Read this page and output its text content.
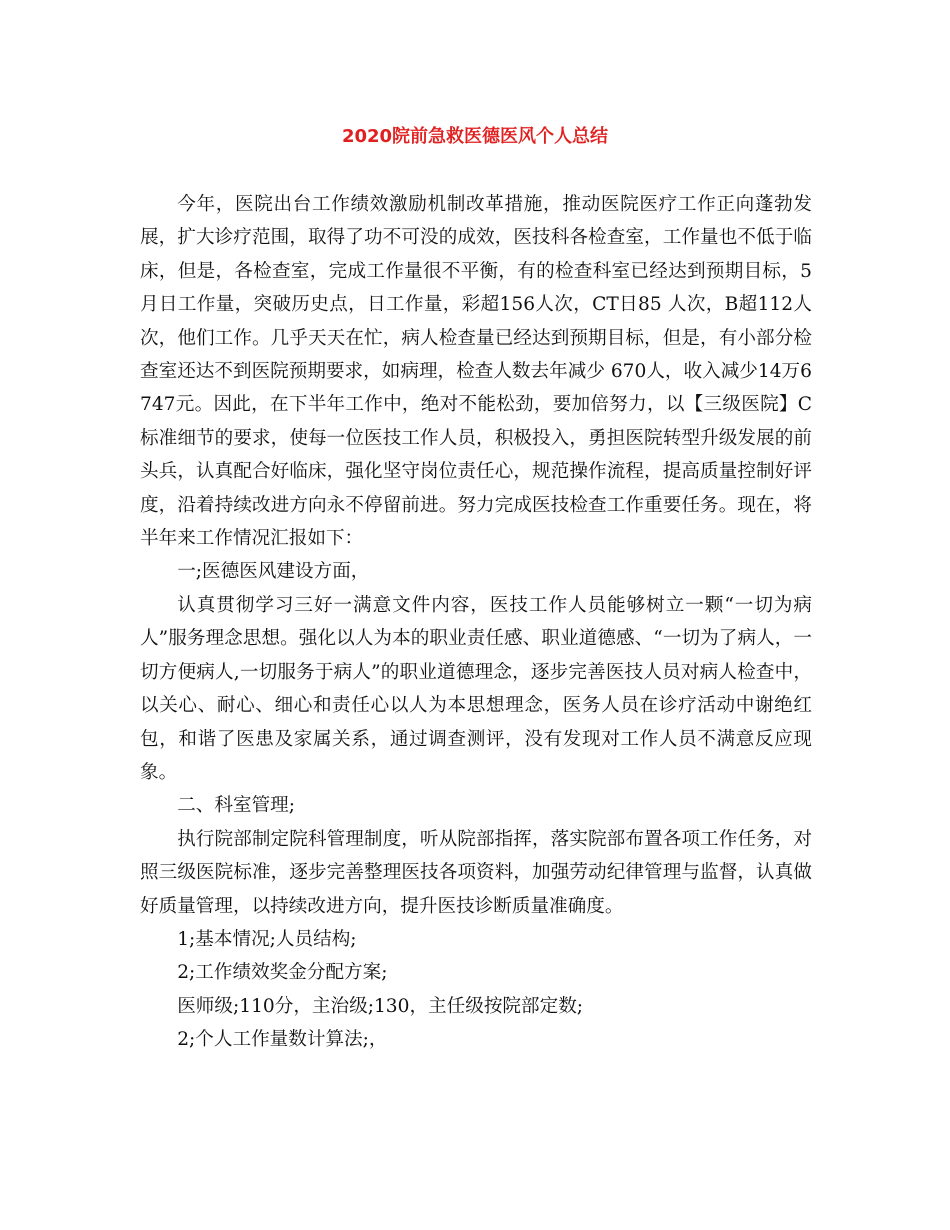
2020院前急救医德医风个人总结

今年，医院出台工作绩效激励机制改革措施，推动医院医疗工作正向蓬勃发展，扩大诊疗范围，取得了功不可没的成效，医技科各检查室，工作量也不低于临床，但是，各检查室，完成工作量很不平衡，有的检查科室已经达到预期目标，5月日工作量，突破历史点，日工作量，彩超156人次，CT日85 人次，B超112人次，他们工作。几乎天天在忙，病人检查量已经达到预期目标，但是，有小部分检查室还达不到医院预期要求，如病理，检查人数去年减少 670人，收入减少14万6747元。因此，在下半年工作中，绝对不能松劲，要加倍努力，以【三级医院】C标准细节的要求，使每一位医技工作人员，积极投入，勇担医院转型升级发展的前头兵，认真配合好临床，强化坚守岗位责任心，规范操作流程，提高质量控制好评度，沿着持续改进方向永不停留前进。努力完成医技检查工作重要任务。现在，将半年来工作情况汇报如下：

一;医德医风建设方面，

认真贯彻学习三好一满意文件内容，医技工作人员能够树立一颗“一切为病人”服务理念思想。强化以人为本的职业责任感、职业道德感、“一切为了病人，一切方便病人,一切服务于病人”的职业道德理念，逐步完善医技人员对病人检查中，以关心、耐心、细心和责任心以人为本思想理念，医务人员在诊疗活动中谢绝红包，和谐了医患及家属关系，通过调查测评，没有发现对工作人员不满意反应现象。

二、科室管理;

执行院部制定院科管理制度，听从院部指挥，落实院部布置各项工作任务，对照三级医院标准，逐步完善整理医技各项资料，加强劳动纪律管理与监督，认真做好质量管理，以持续改进方向，提升医技诊断质量准确度。

1;基本情况;人员结构;

2;工作绩效奖金分配方案;

医师级;110分，主治级;130，主任级按院部定数;

2;个人工作量数计算法;，
